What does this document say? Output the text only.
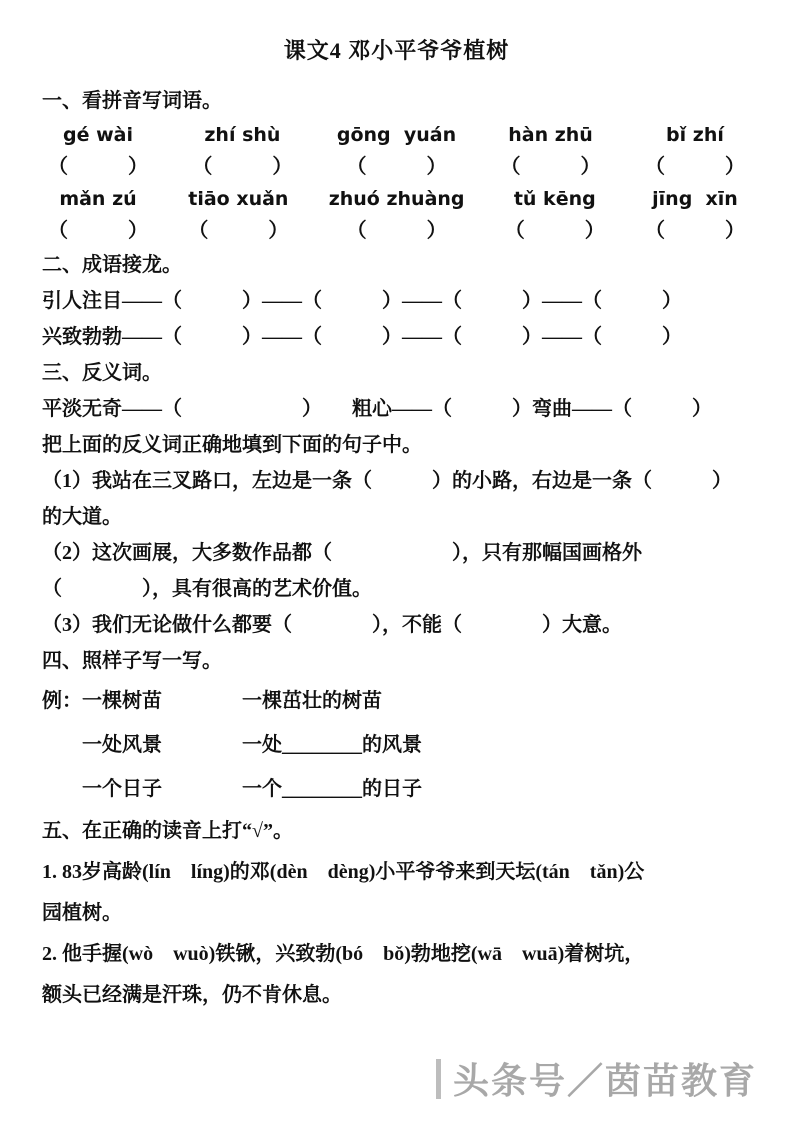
课文4 邓小平爷爷植树
一、看拼音写词语。
gé wài
（　　　）
zhí shù
（　　　）
gōng  yuán
（　　　）
hàn zhū
（　　　）
bǐ zhí
（　　　）
mǎn zú
（　　　）
tiāo xuǎn
（　　　）
zhuó zhuàng
（　　　）
tǔ kēng
（　　　）
jīng  xīn
（　　　）
二、成语接龙。
引人注目——（　　　）——（　　　）——（　　　）——（　　　）
兴致勃勃——（　　　）——（　　　）——（　　　）——（　　　）
三、反义词。
平淡无奇——（　　　　　　）　　粗心——（　　　）弯曲——（　　　）
把上面的反义词正确地填到下面的句子中。
（1）我站在三叉路口，左边是一条（　　　）的小路，右边是一条（　　　）
的大道。
（2）这次画展，大多数作品都（　　　　　　），只有那幅国画格外
（　　　　），具有很高的艺术价值。
（3）我们无论做什么都要（　　　　），不能（　　　　）大意。
四、照样子写一写。
例：一棵树苗　　　　一棵茁壮的树苗
　　一处风景　　　　一处________的风景
　　一个日子　　　　一个________的日子
五、在正确的读音上打“√”。
1. 83岁高龄(lín　líng)的邓(dèn　dèng)小平爷爷来到天坛(tán　tǎn)公
园植树。
2. 他手握(wò　wuò)铁锹，兴致勃(bó　bǒ)勃地挖(wā　wuā)着树坑，
额头已经满是汗珠，仍不肯休息。
头条号／茵苗教育
